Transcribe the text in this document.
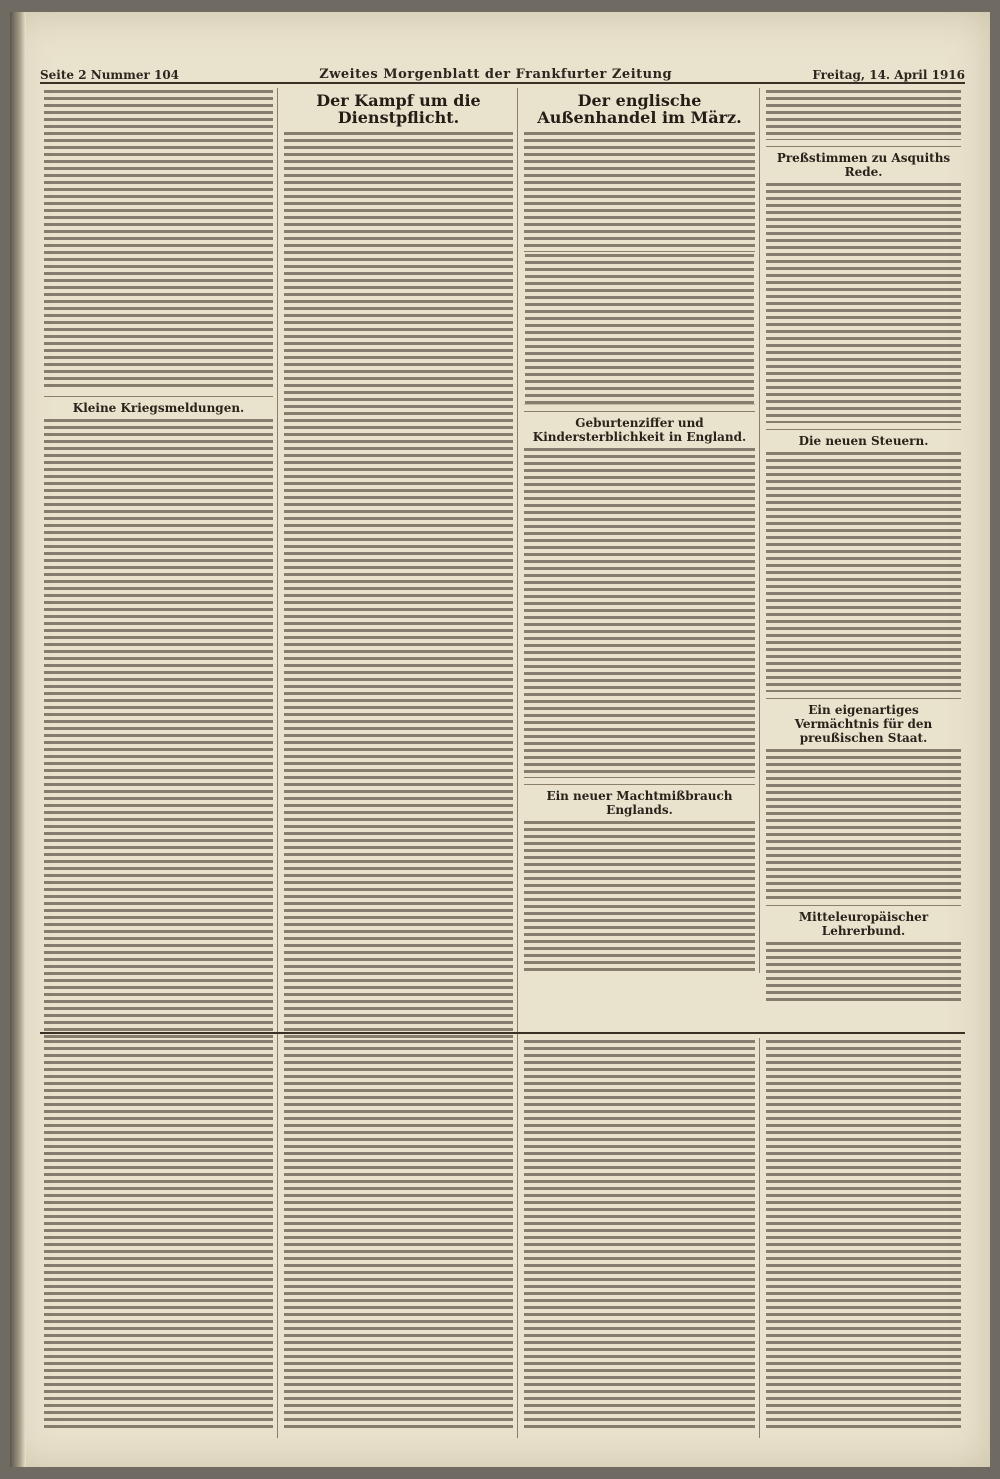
Seite 2 Nummer 104	Zweites Morgenblatt der Frankfurter Zeitung	Freitag, 14. April 1916
Kleine Kriegsmeldungen.
Der Kampf um die Dienstpflicht.
Der englische Außenhandel im März.
Geburtenziffer und Kindersterblichkeit in England.
Ein neuer Machtmißbrauch Englands.
Preßstimmen zu Asquiths Rede.
Die neuen Steuern.
Ein eigenartiges Vermächtnis für den preußischen Staat.
Mitteleuropäischer Lehrerbund.
